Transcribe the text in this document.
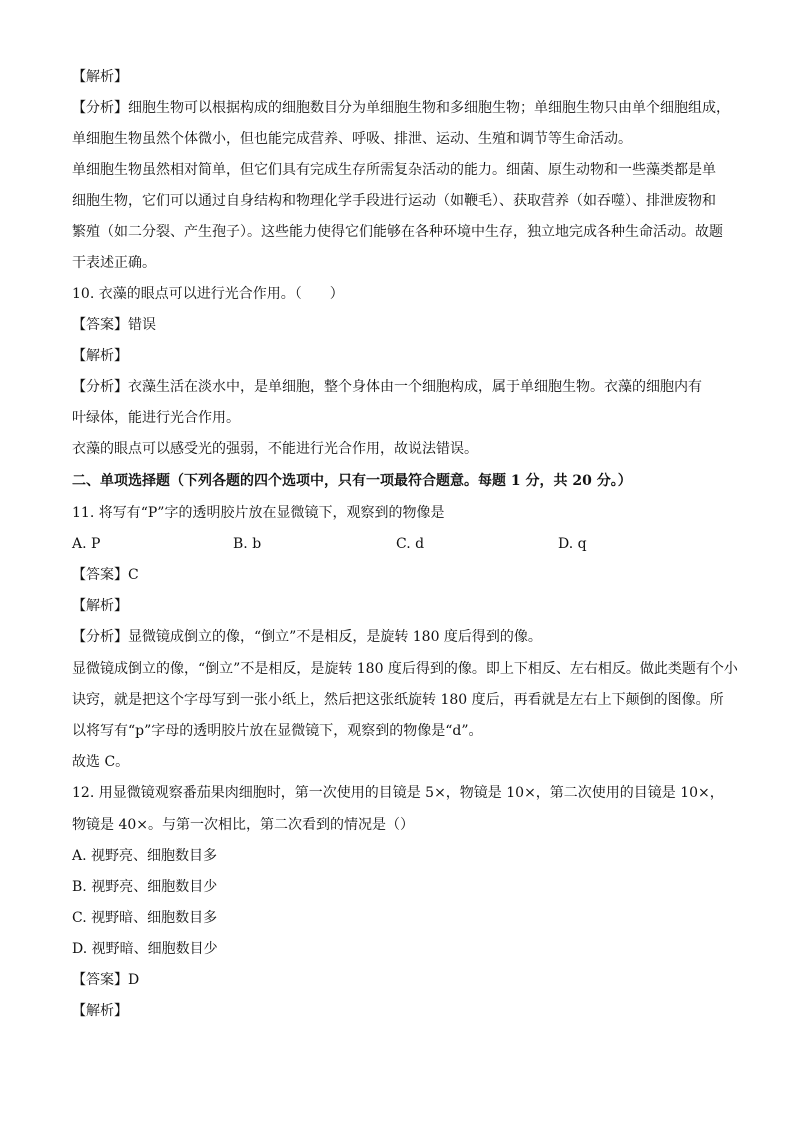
【解析】
【分析】细胞生物可以根据构成的细胞数目分为单细胞生物和多细胞生物；单细胞生物只由单个细胞组成，
单细胞生物虽然个体微小，但也能完成营养、呼吸、排泄、运动、生殖和调节等生命活动。
单细胞生物虽然相对简单，但它们具有完成生存所需复杂活动的能力。细菌、原生动物和一些藻类都是单
细胞生物，它们可以通过自身结构和物理化学手段进行运动（如鞭毛）、获取营养（如吞噬）、排泄废物和
繁殖（如二分裂、产生孢子）。这些能力使得它们能够在各种环境中生存，独立地完成各种生命活动。故题
干表述正确。
10. 衣藻的眼点可以进行光合作用。（　　）
【答案】错误
【解析】
【分析】衣藻生活在淡水中，是单细胞，整个身体由一个细胞构成，属于单细胞生物。衣藻的细胞内有
叶绿体，能进行光合作用。
衣藻的眼点可以感受光的强弱，不能进行光合作用，故说法错误。
二、单项选择题（下列各题的四个选项中，只有一项最符合题意。每题 1 分，共 20 分。）
11. 将写有“P”字的透明胶片放在显微镜下，观察到的物像是
A. P	B. b	C. d	D. q
【答案】C
【解析】
【分析】显微镜成倒立的像，“倒立”不是相反，是旋转 180 度后得到的像。
显微镜成倒立的像，“倒立”不是相反，是旋转 180 度后得到的像。即上下相反、左右相反。做此类题有个小
诀窍，就是把这个字母写到一张小纸上，然后把这张纸旋转 180 度后，再看就是左右上下颠倒的图像。所
以将写有“p”字母的透明胶片放在显微镜下，观察到的物像是“d”。
故选 C。
12. 用显微镜观察番茄果肉细胞时，第一次使用的目镜是 5×，物镜是 10×，第二次使用的目镜是 10×，
物镜是 40×。与第一次相比，第二次看到的情况是（）
A. 视野亮、细胞数目多
B. 视野亮、细胞数目少
C. 视野暗、细胞数目多
D. 视野暗、细胞数目少
【答案】D
【解析】
